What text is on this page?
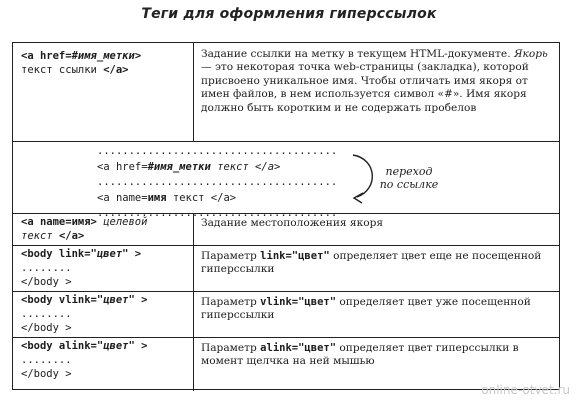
Теги для оформления гиперссылок
<a href=#имя_метки>
текст ссылки </a>
Задание ссылки на метку в текущем HTML-документе. Якорь — это некоторая точка web-страницы (закладка), которой присвоено уникальное имя. Чтобы отличать имя якоря от имен файлов, в нем используется символ «#». Имя якоря должно быть коротким и не содержать пробелов
......................................
<a href=#имя_метки текст </a>
......................................
<a name=имя текст </a>
......................................
переход
по ссылке
<a name=имя> целевой
текст </a>
Задание местоположения якоря
<body link="цвет" >
........
</body >
Параметр link="цвет" определяет цвет еще не посещенной гиперссылки
<body vlink="цвет" >
........
</body >
Параметр vlink="цвет" определяет цвет уже посещенной гиперссылки
<body alink="цвет" >
........
</body >
Параметр alink="цвет" определяет цвет гиперссылки в момент щелчка на ней мышью
online-otvet.ru
